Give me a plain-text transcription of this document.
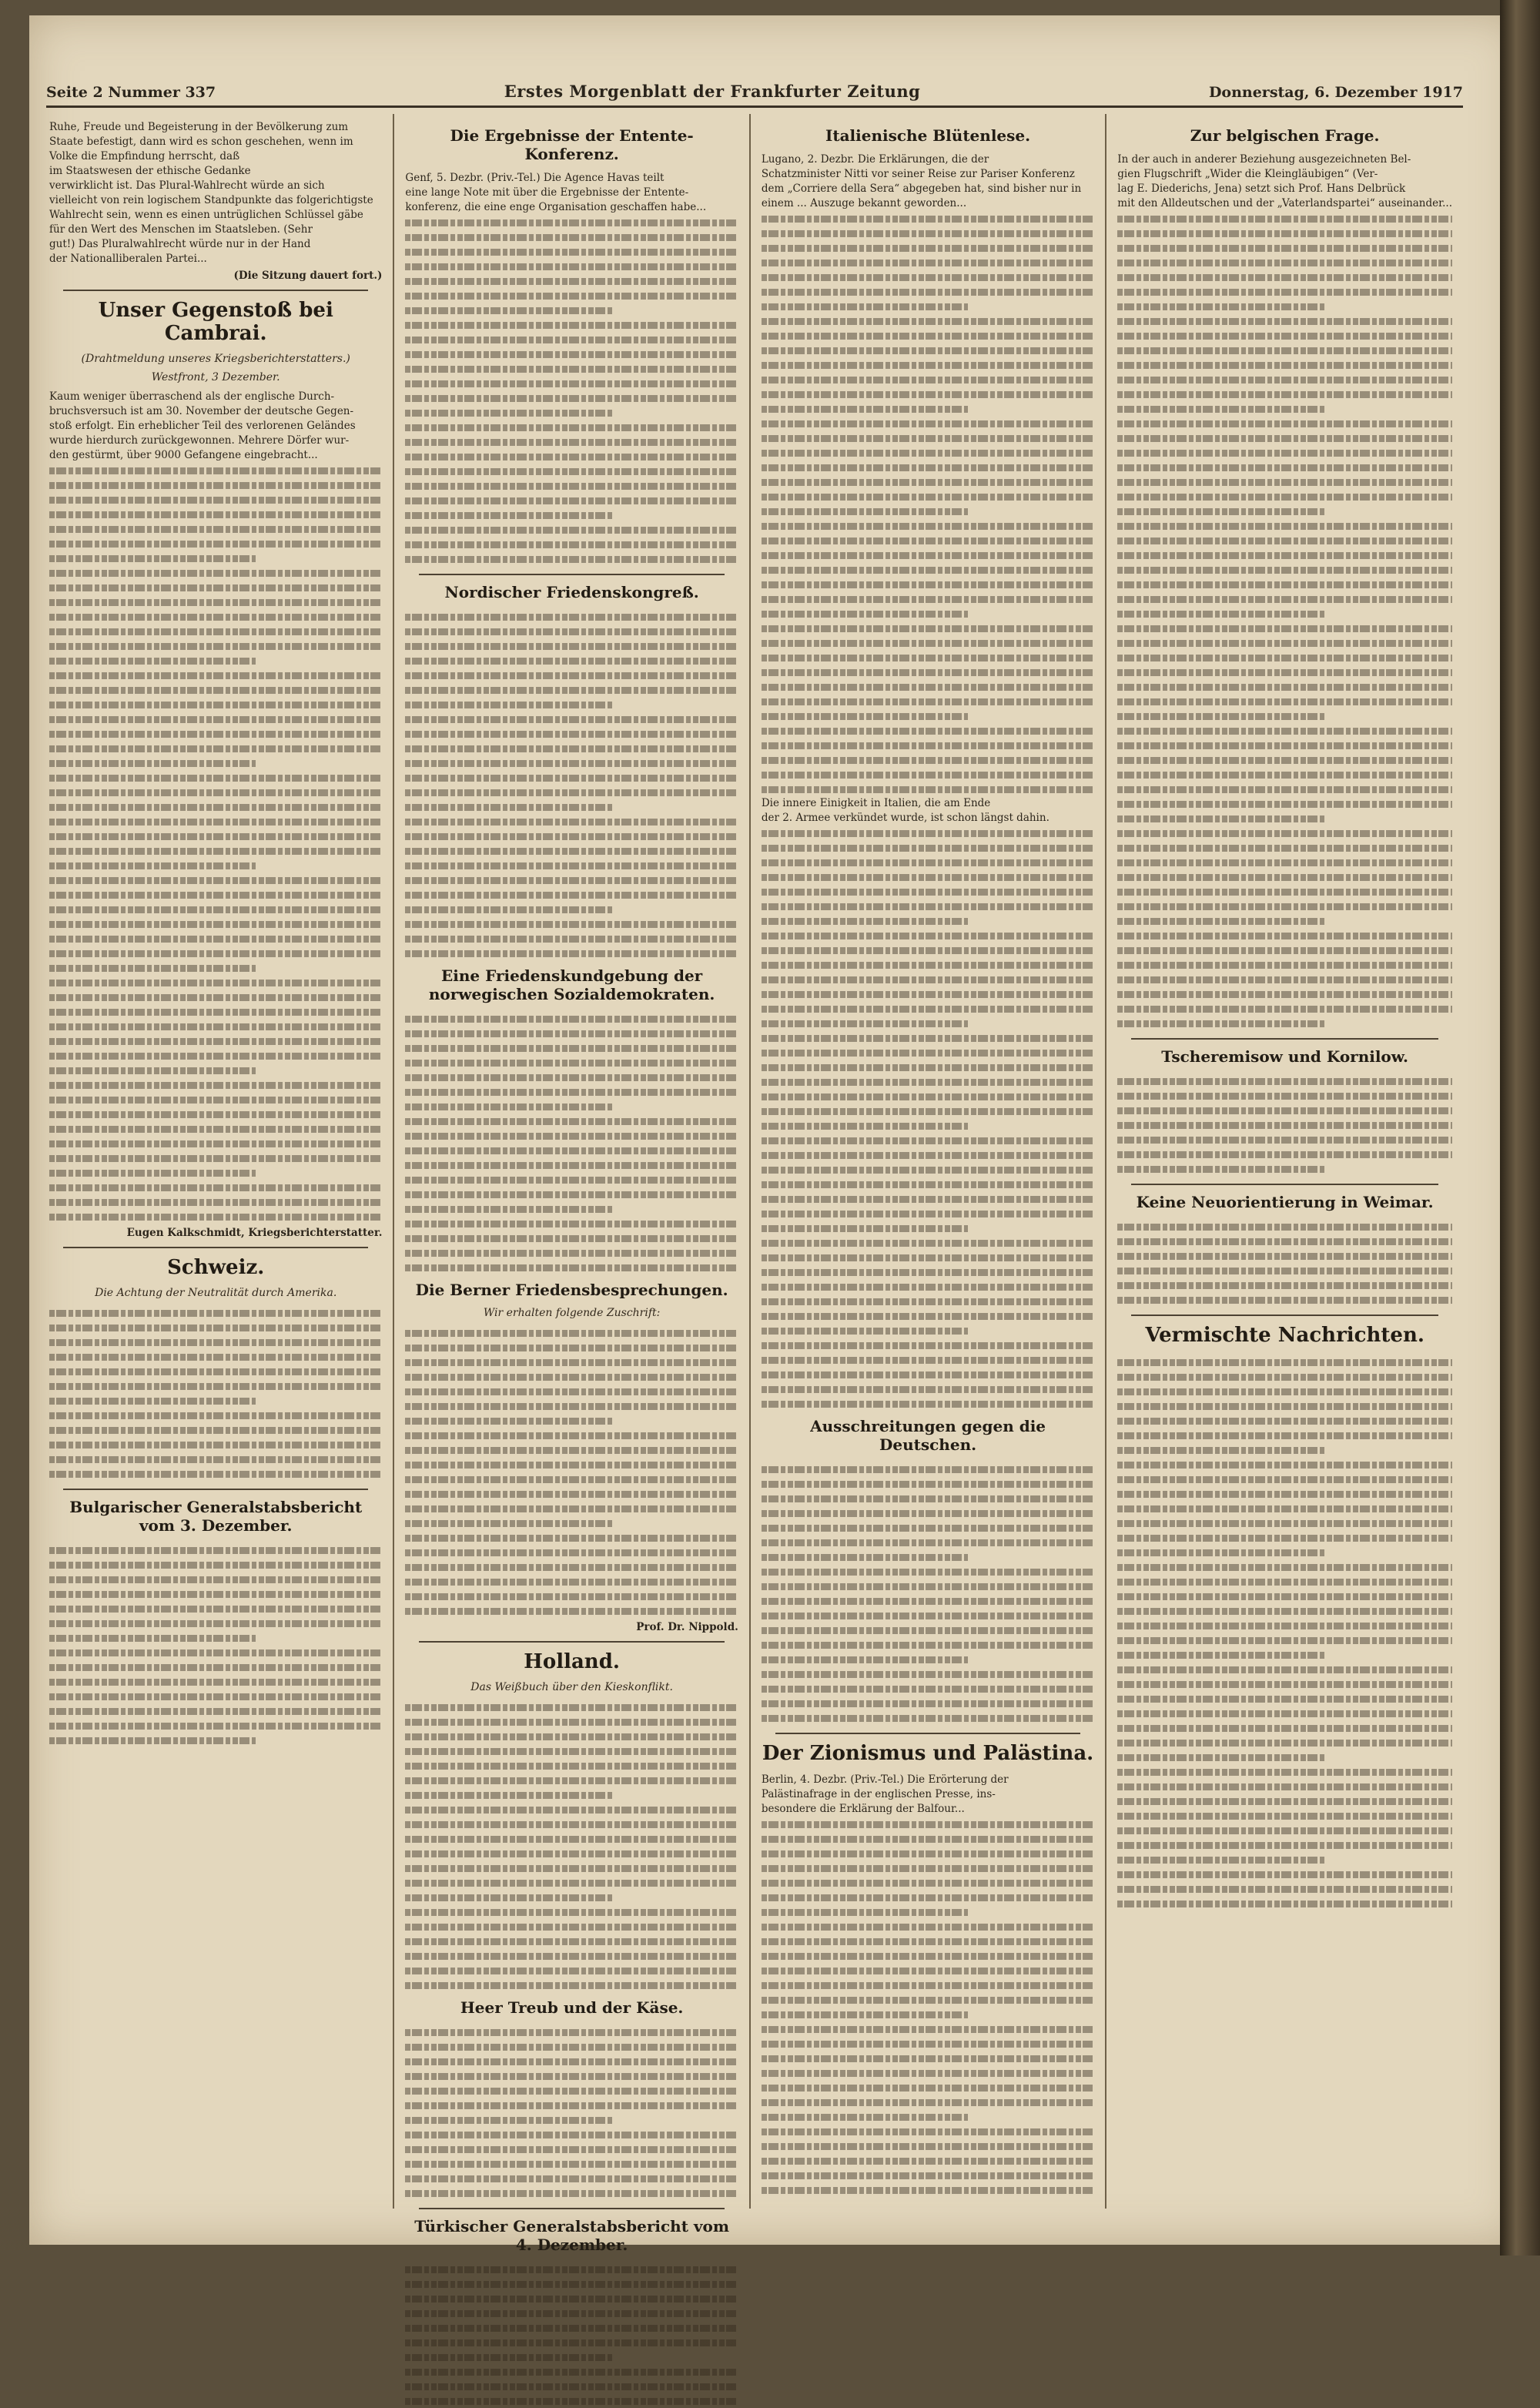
Seite 2 Nummer 337	Erstes Morgenblatt der Frankfurter Zeitung	Donnerstag, 6. Dezember 1917
Ruhe, Freude und Begeisterung in der Bevölkerung zum
Staate befestigt, dann wird es schon geschehen, wenn im
Volke die Empfindung herrscht, daß
im Staatswesen der ethische Gedanke
verwirklicht ist. Das Plural-Wahlrecht würde an sich
vielleicht von rein logischem Standpunkte das folgerichtigste
Wahlrecht sein, wenn es einen untrüglichen Schlüssel gäbe
für den Wert des Menschen im Staatsleben. (Sehr
gut!) Das Pluralwahlrecht würde nur in der Hand
der Nationalliberalen Partei...
(Die Sitzung dauert fort.)
Unser Gegenstoß bei Cambrai.
(Drahtmeldung unseres Kriegsberichterstatters.)
Westfront, 3 Dezember.
Kaum weniger überraschend als der englische Durch-
bruchsversuch ist am 30. November der deutsche Gegen-
stoß erfolgt. Ein erheblicher Teil des verlorenen Geländes
wurde hierdurch zurückgewonnen. Mehrere Dörfer wur-
den gestürmt, über 9000 Gefangene eingebracht...
Eugen Kalkschmidt, Kriegsberichterstatter.
Schweiz.
Die Achtung der Neutralität durch Amerika.
Bulgarischer Generalstabsbericht vom 3. Dezember.
Die Ergebnisse der Entente-Konferenz.
Genf, 5. Dezbr. (Priv.-Tel.) Die Agence Havas teilt
eine lange Note mit über die Ergebnisse der Entente-
konferenz, die eine enge Organisation geschaffen habe...
Nordischer Friedenskongreß.
Eine Friedenskundgebung der norwegischen Sozialdemokraten.
Die Berner Friedensbesprechungen.
Wir erhalten folgende Zuschrift:
Prof. Dr. Nippold.
Holland.
Das Weißbuch über den Kieskonflikt.
Heer Treub und der Käse.
Türkischer Generalstabsbericht vom 4. Dezember.
Italienische Blütenlese.
Lugano, 2. Dezbr. Die Erklärungen, die der
Schatzminister Nitti vor seiner Reise zur Pariser Konferenz
dem „Corriere della Sera“ abgegeben hat, sind bisher nur in
einem ... Auszuge bekannt geworden...
Die innere Einigkeit in Italien, die am Ende
der 2. Armee verkündet wurde, ist schon längst dahin.
Ausschreitungen gegen die Deutschen.
Der Zionismus und Palästina.
Berlin, 4. Dezbr. (Priv.-Tel.) Die Erörterung der
Palästinafrage in der englischen Presse, ins-
besondere die Erklärung der Balfour...
Zur belgischen Frage.
In der auch in anderer Beziehung ausgezeichneten Bel-
gien Flugschrift „Wider die Kleingläubigen“ (Ver-
lag E. Diederichs, Jena) setzt sich Prof. Hans Delbrück
mit den Alldeutschen und der „Vaterlandspartei“ auseinander...
Tscheremisow und Kornilow.
Keine Neuorientierung in Weimar.
Vermischte Nachrichten.
